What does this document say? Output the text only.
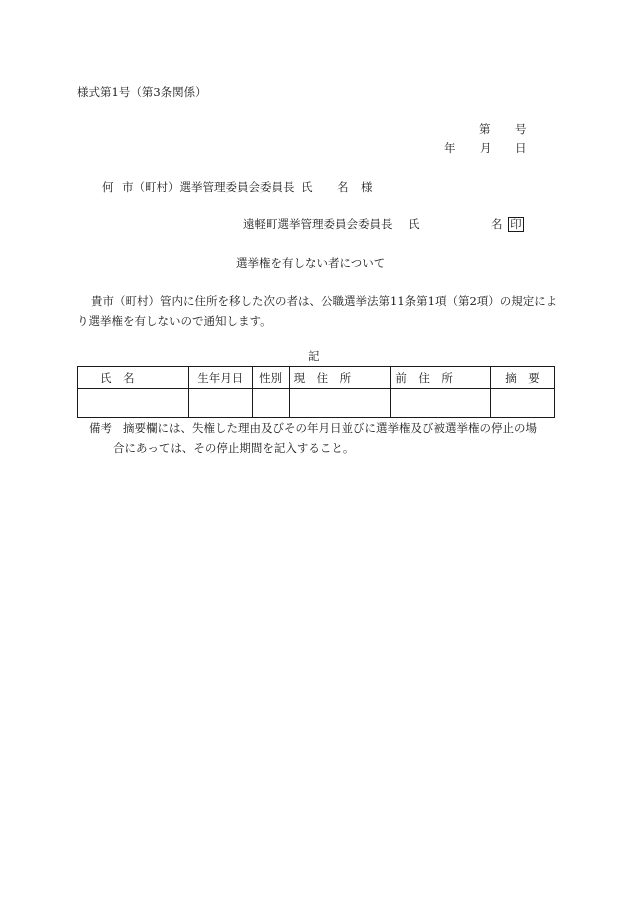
様式第1号（第3条関係）
第 号
年 月 日
何 市（町村）選挙管理委員会委員長 氏 名 様
遠軽町選挙管理委員会委員長 氏	名 印
選挙権を有しない者について
貴市（町村）管内に住所を移した次の者は、公職選挙法第11条第1項（第2項）の規定によ
り選挙権を有しないので通知します。
記
氏　名	生年月日	性別	現　住　所	前　住　所	摘　要

備考 摘要欄には、失権した理由及びその年月日並びに選挙権及び被選挙権の停止の場
合にあっては、その停止期間を記入すること。
